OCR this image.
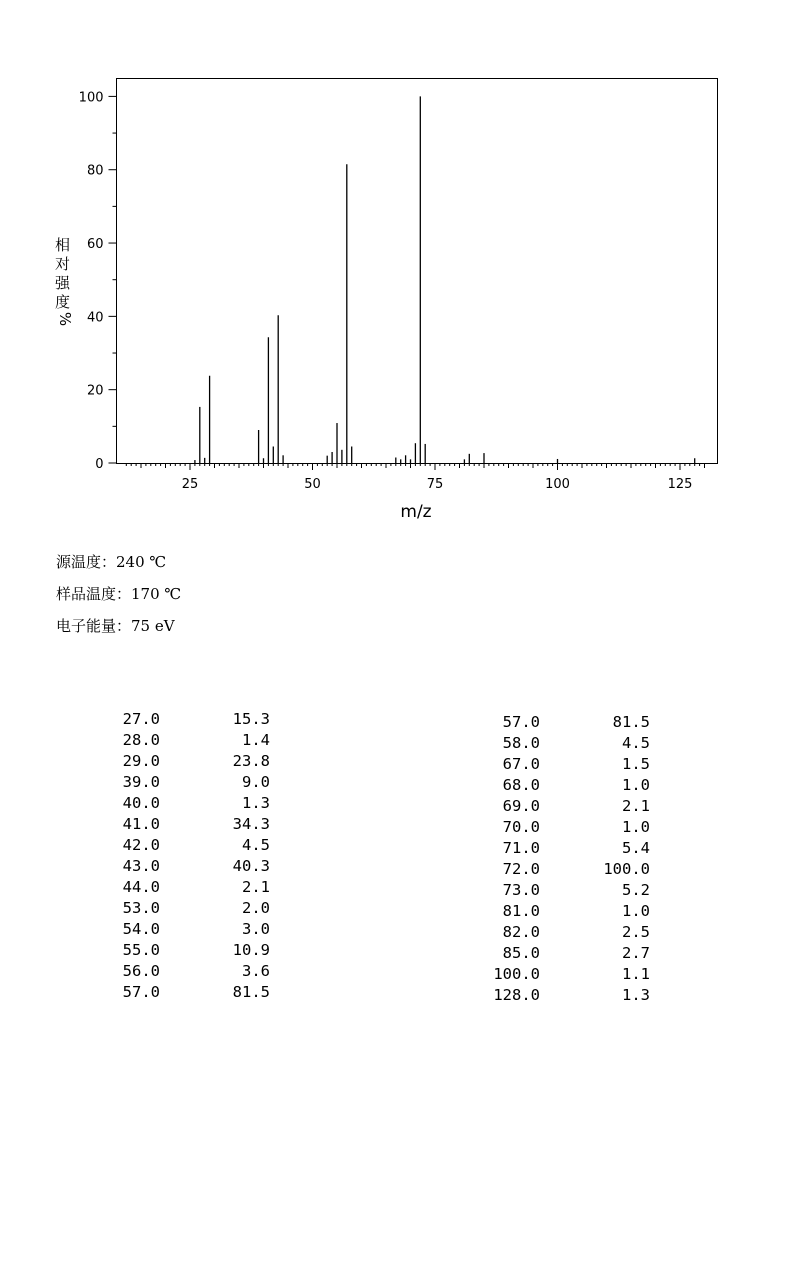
0
20
40
60
80
100
25	50	75	100	125
m/z
相
对
强
度
%
源温度：240 ℃
样品温度：170 ℃
电子能量：75 eV
27.0	15.3
28.0	1.4
29.0	23.8
39.0	9.0
40.0	1.3
41.0	34.3
42.0	4.5
43.0	40.3
44.0	2.1
53.0	2.0
54.0	3.0
55.0	10.9
56.0	3.6
57.0	81.5
57.0	81.5
58.0	4.5
67.0	1.5
68.0	1.0
69.0	2.1
70.0	1.0
71.0	5.4
72.0	100.0
73.0	5.2
81.0	1.0
82.0	2.5
85.0	2.7
100.0	1.1
128.0	1.3
